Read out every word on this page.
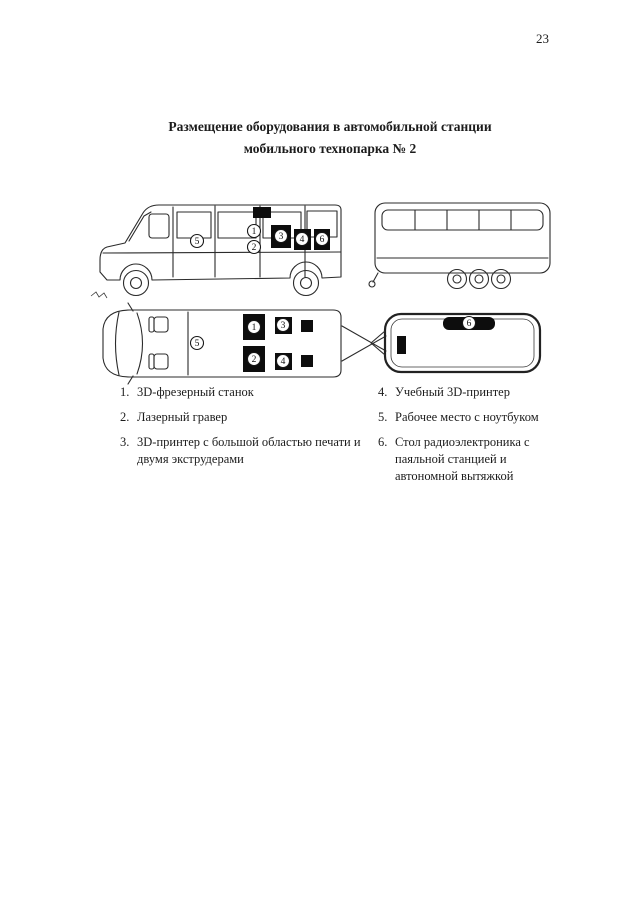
23
Размещение оборудования в автомобильной станции
мобильного технопарка № 2
5
1
2
3 4 6
5
1
2
3
4
6
1. 3D-фрезерный станок
2. Лазерный гравер
3. 3D-принтер с большой областью печати и двумя экструдерами
4. Учебный 3D-принтер
5. Рабочее место с ноутбуком
6. Стол радиоэлектроника с паяльной станцией и автономной вытяжкой
